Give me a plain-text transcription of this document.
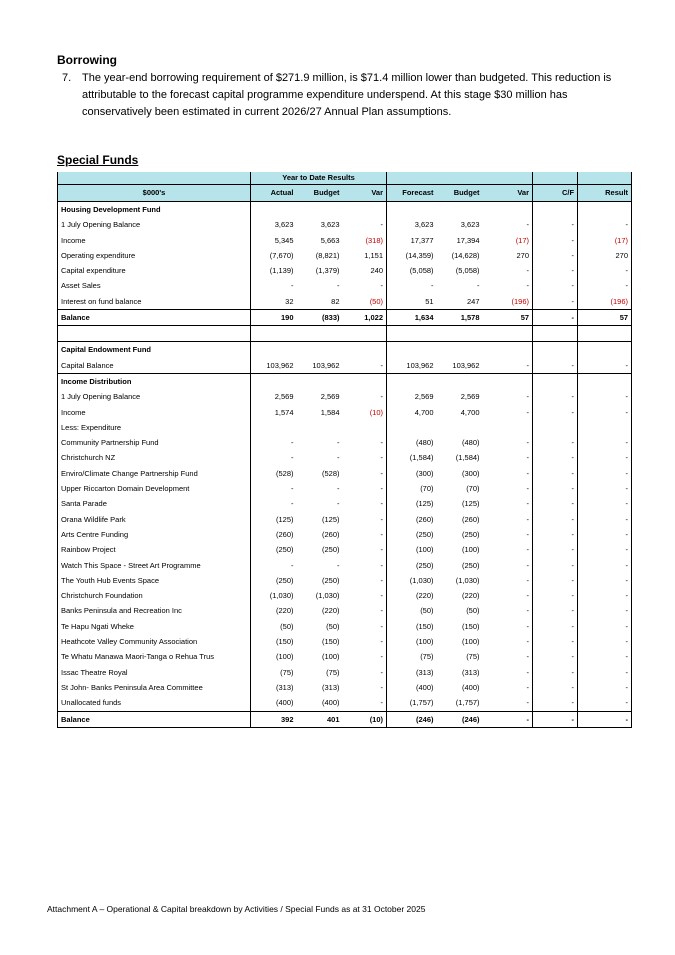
Borrowing
7. The year-end borrowing requirement of $271.9 million, is $71.4 million lower than budgeted. This reduction is attributable to the forecast capital programme expenditure underspend. At this stage $30 million has conservatively been estimated in current 2026/27 Annual Plan assumptions.
Special Funds
	Year to Date Results							
$000's	Actual	Budget	Var	Forecast	Budget	Var	C/F	Result
Housing Development Fund								
1 July Opening Balance	3,623	3,623	-	3,623	3,623	-	-	-
Income	5,345	5,663	(318)	17,377	17,394	(17)	-	(17)
Operating expenditure	(7,670)	(8,821)	1,151	(14,359)	(14,628)	270	-	270
Capital expenditure	(1,139)	(1,379)	240	(5,058)	(5,058)	-	-	-
Asset Sales	-	-	-	-	-	-	-	-
Interest on fund balance	32	82	(50)	51	247	(196)	-	(196)
Balance	190	(833)	1,022	1,634	1,578	57	-	57

Capital Endowment Fund								
Capital Balance	103,962	103,962	-	103,962	103,962	-	-	-
Income Distribution								
1 July Opening Balance	2,569	2,569	-	2,569	2,569	-	-	-
Income	1,574	1,584	(10)	4,700	4,700	-	-	-
Less: Expenditure								
Community Partnership Fund	-	-	-	(480)	(480)	-	-	-
Christchurch NZ	-	-	-	(1,584)	(1,584)	-	-	-
Enviro/Climate Change Partnership Fund	(528)	(528)	-	(300)	(300)	-	-	-
Upper Riccarton Domain Development	-	-	-	(70)	(70)	-	-	-
Santa Parade	-	-	-	(125)	(125)	-	-	-
Orana Wildlife Park	(125)	(125)	-	(260)	(260)	-	-	-
Arts Centre Funding	(260)	(260)	-	(250)	(250)	-	-	-
Rainbow Project	(250)	(250)	-	(100)	(100)	-	-	-
Watch This Space - Street Art Programme	-	-	-	(250)	(250)	-	-	-
The Youth Hub Events Space	(250)	(250)	-	(1,030)	(1,030)	-	-	-
Christchurch Foundation	(1,030)	(1,030)	-	(220)	(220)	-	-	-
Banks Peninsula and Recreation Inc	(220)	(220)	-	(50)	(50)	-	-	-
Te Hapu Ngati Wheke	(50)	(50)	-	(150)	(150)	-	-	-
Heathcote Valley Community Association	(150)	(150)	-	(100)	(100)	-	-	-
Te Whatu Manawa Maori-Tanga o Rehua Trus	(100)	(100)	-	(75)	(75)	-	-	-
Issac Theatre Royal	(75)	(75)	-	(313)	(313)	-	-	-
St John- Banks Peninsula Area Committee	(313)	(313)	-	(400)	(400)	-	-	-
Unallocated funds	(400)	(400)	-	(1,757)	(1,757)	-	-	-
Balance	392	401	(10)	(246)	(246)	-	-	-
Attachment A – Operational & Capital breakdown by Activities / Special Funds as at 31 October 2025
